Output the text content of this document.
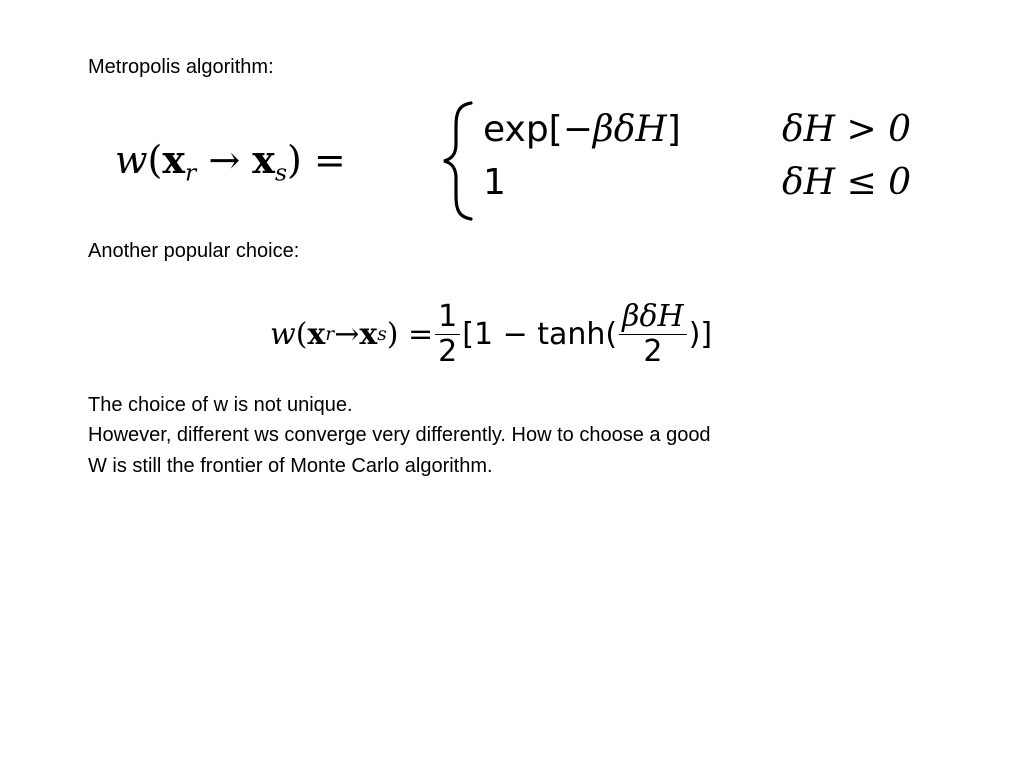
Metropolis algorithm:
$w(x_r \to x_s)$ =
exp[−βδH]	δH > 0
1	δH ≤ 0
Another popular choice:
w ( x r → x s ) = $\frac{1}{2} [1 - \tanh( \frac{\text{βδH}}{2}$ )]
The choice of w is not unique.
However, different ws converge very differently. How to choose a good
W is still the frontier of Monte Carlo algorithm.
